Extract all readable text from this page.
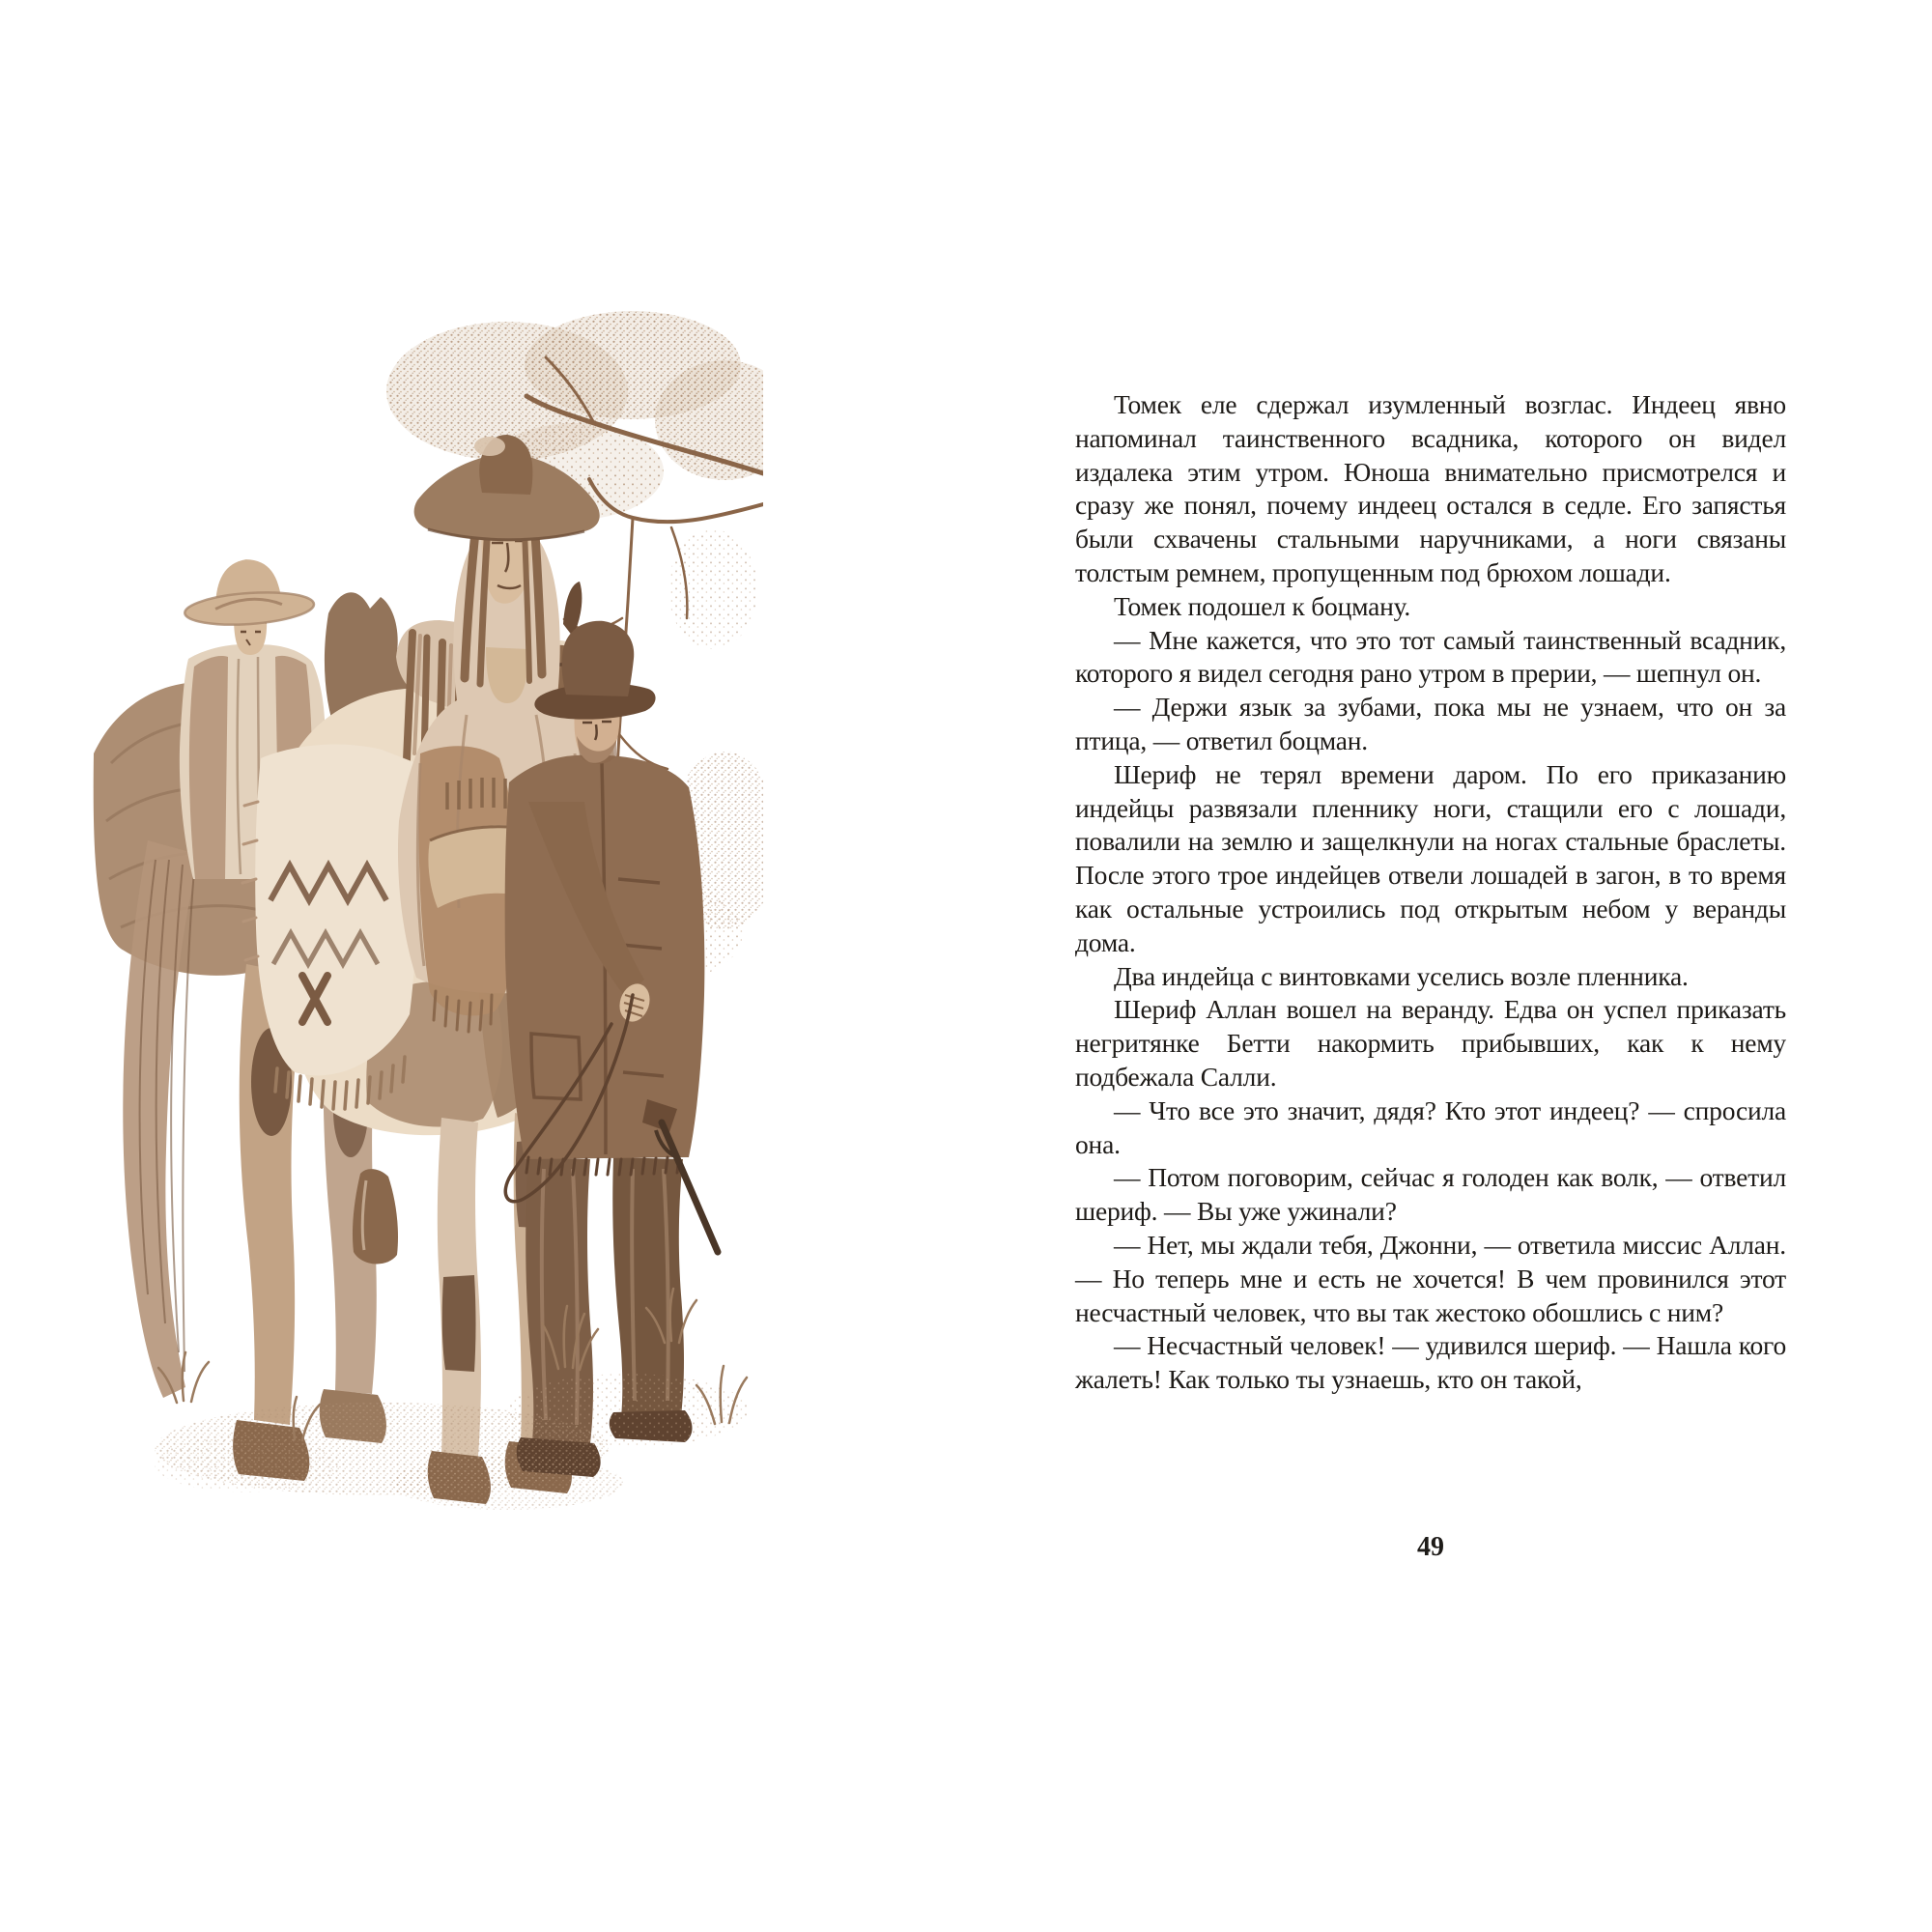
Томек еле сдержал изумленный возглас. Индеец явно напоминал таинственного всадника, которого он видел издалека этим утром. Юноша внимательно присмотрелся и сразу же понял, почему индеец остался в седле. Его запястья были схвачены стальными наручниками, а ноги связаны толстым ремнем, пропущенным под брюхом лошади.

Томек подошел к боцману.

— Мне кажется, что это тот самый таинственный всадник, которого я видел сегодня рано утром в прерии, — шепнул он.

— Держи язык за зубами, пока мы не узнаем, что он за птица, — ответил боцман.

Шериф не терял времени даром. По его приказанию индейцы развязали пленнику ноги, стащили его с лошади, повалили на землю и защелкнули на ногах стальные браслеты. После этого трое индейцев отвели лошадей в загон, в то время как остальные устроились под открытым небом у веранды дома.

Два индейца с винтовками уселись возле пленника.

Шериф Аллан вошел на веранду. Едва он успел приказать негритянке Бетти накормить прибывших, как к нему подбежала Салли.

— Что все это значит, дядя? Кто этот индеец? — спросила она.

— Потом поговорим, сейчас я голоден как волк, — ответил шериф. — Вы уже ужинали?

— Нет, мы ждали тебя, Джонни, — ответила миссис Аллан. — Но теперь мне и есть не хочется! В чем провинился этот несчастный человек, что вы так жестоко обошлись с ним?

— Несчастный человек! — удивился шериф. — Нашла кого жалеть! Как только ты узнаешь, кто он такой,

49
